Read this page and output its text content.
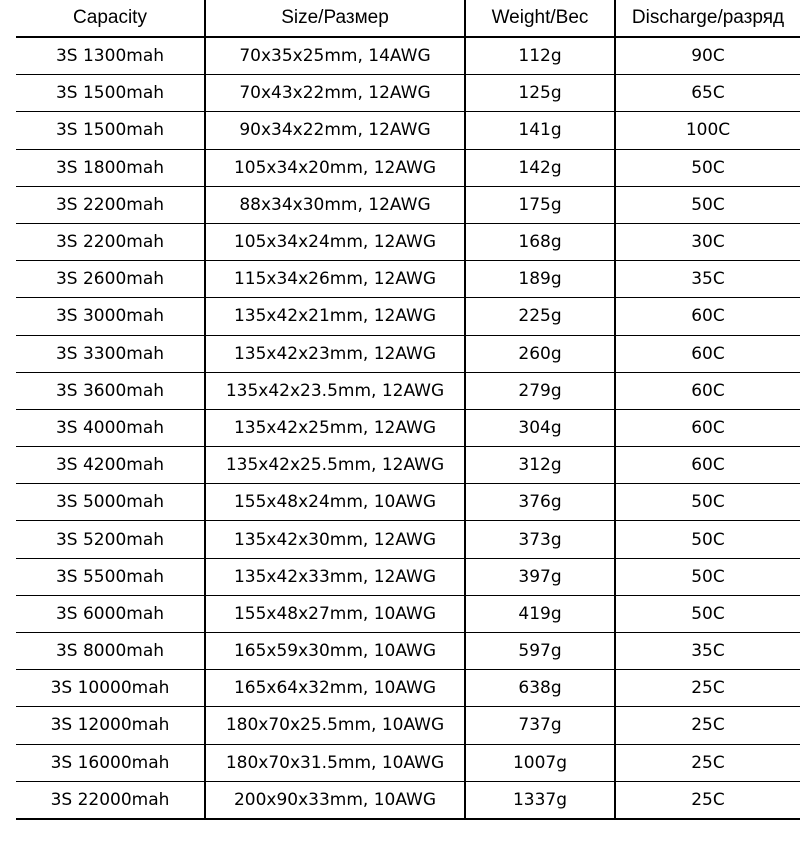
Capacity	Size/Размер	Weight/Вес	Discharge/разряд
3S 1300mah	70x35x25mm, 14AWG	112g	90C
3S 1500mah	70x43x22mm, 12AWG	125g	65C
3S 1500mah	90x34x22mm, 12AWG	141g	100C
3S 1800mah	105x34x20mm, 12AWG	142g	50C
3S 2200mah	88x34x30mm, 12AWG	175g	50C
3S 2200mah	105x34x24mm, 12AWG	168g	30C
3S 2600mah	115x34x26mm, 12AWG	189g	35C
3S 3000mah	135x42x21mm, 12AWG	225g	60C
3S 3300mah	135x42x23mm, 12AWG	260g	60C
3S 3600mah	135x42x23.5mm, 12AWG	279g	60C
3S 4000mah	135x42x25mm, 12AWG	304g	60C
3S 4200mah	135x42x25.5mm, 12AWG	312g	60C
3S 5000mah	155x48x24mm, 10AWG	376g	50C
3S 5200mah	135x42x30mm, 12AWG	373g	50C
3S 5500mah	135x42x33mm, 12AWG	397g	50C
3S 6000mah	155x48x27mm, 10AWG	419g	50C
3S 8000mah	165x59x30mm, 10AWG	597g	35C
3S 10000mah	165x64x32mm, 10AWG	638g	25C
3S 12000mah	180x70x25.5mm, 10AWG	737g	25C
3S 16000mah	180x70x31.5mm, 10AWG	1007g	25C
3S 22000mah	200x90x33mm, 10AWG	1337g	25C
